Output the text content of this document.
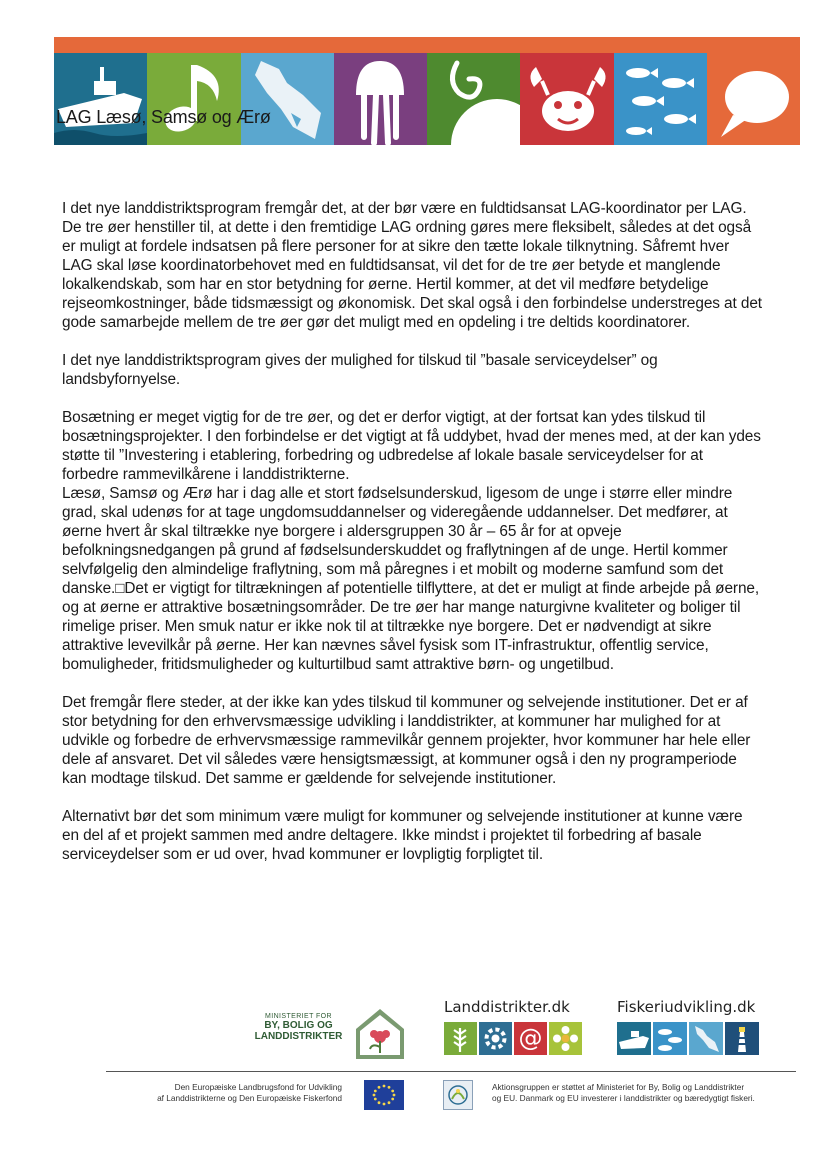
LAG Læsø, Samsø og Ærø

I det nye landdistriktsprogram fremgår det, at der bør være en fuldtidsansat LAG-koordinator per LAG. De tre øer henstiller til, at dette i den fremtidige LAG ordning gøres mere fleksibelt, således at det også er muligt at fordele indsatsen på flere personer for at sikre den tætte lokale tilknytning. Såfremt hver LAG skal løse koordinatorbehovet med en fuldtidsansat, vil det for de tre øer betyde et manglende lokalkendskab, som har en stor betydning for øerne. Hertil kommer, at det vil medføre betydelige rejseomkostninger, både tidsmæssigt og økonomisk. Det skal også i den forbindelse understreges at det gode samarbejde mellem de tre øer gør det muligt med en opdeling i tre deltids koordinatorer.

I det nye landdistriktsprogram gives der mulighed for tilskud til ”basale serviceydelser” og landsbyfornyelse.

Bosætning er meget vigtig for de tre øer, og det er derfor vigtigt, at der fortsat kan ydes tilskud til bosætningsprojekter. I den forbindelse er det vigtigt at få uddybet, hvad der menes med, at der kan ydes støtte til ”Investering i etablering, forbedring og udbredelse af lokale basale serviceydelser for at forbedre rammevilkårene i landdistrikterne.
Læsø, Samsø og Ærø har i dag alle et stort fødselsunderskud, ligesom de unge i større eller mindre grad, skal udenøs for at tage ungdomsuddannelser og videregående uddannelser. Det medfører, at øerne hvert år skal tiltrække nye borgere i aldersgruppen 30 år – 65 år for at opveje befolkningsnedgangen på grund af fødselsunderskuddet og fraflytningen af de unge. Hertil kommer selvfølgelig den almindelige fraflytning, som må påregnes i et mobilt og moderne samfund som det danske.□Det er vigtigt for tiltrækningen af potentielle tilflyttere, at det er muligt at finde arbejde på øerne, og at øerne er attraktive bosætningsområder. De tre øer har mange naturgivne kvaliteter og boliger til rimelige priser. Men smuk natur er ikke nok til at tiltrække nye borgere. Det er nødvendigt at sikre attraktive levevilkår på øerne. Her kan nævnes såvel fysisk som IT-infrastruktur, offentlig service, bomuligheder, fritidsmuligheder og kulturtilbud samt attraktive børn- og ungetilbud.

Det fremgår flere steder, at der ikke kan ydes tilskud til kommuner og selvejende institutioner. Det er af stor betydning for den erhvervsmæssige udvikling i landdistrikter, at kommuner har mulighed for at udvikle og forbedre de erhvervsmæssige rammevilkår gennem projekter, hvor kommuner har hele eller dele af ansvaret. Det vil således være hensigtsmæssigt, at kommuner også i den ny programperiode kan modtage tilskud. Det samme er gældende for selvejende institutioner.

Alternativt bør det som minimum være muligt for kommuner og selvejende institutioner at kunne være en del af et projekt sammen med andre deltagere. Ikke mindst i projektet til forbedring af basale serviceydelser som er ud over, hvad kommuner er lovpligtig forpligtet til.

MINISTERIET FOR
BY, BOLIG OG
LANDDISTRIKTER
Landdistrikter.dk
@
Fiskeriudvikling.dk
Den Europæiske Landbrugsfond for Udvikling
af Landdistrikterne og Den Europæiske Fiskerfond
Aktionsgruppen er støttet af Ministeriet for By, Bolig og Landdistrikter
og EU. Danmark og EU investerer i landdistrikter og bæredygtigt fiskeri.
